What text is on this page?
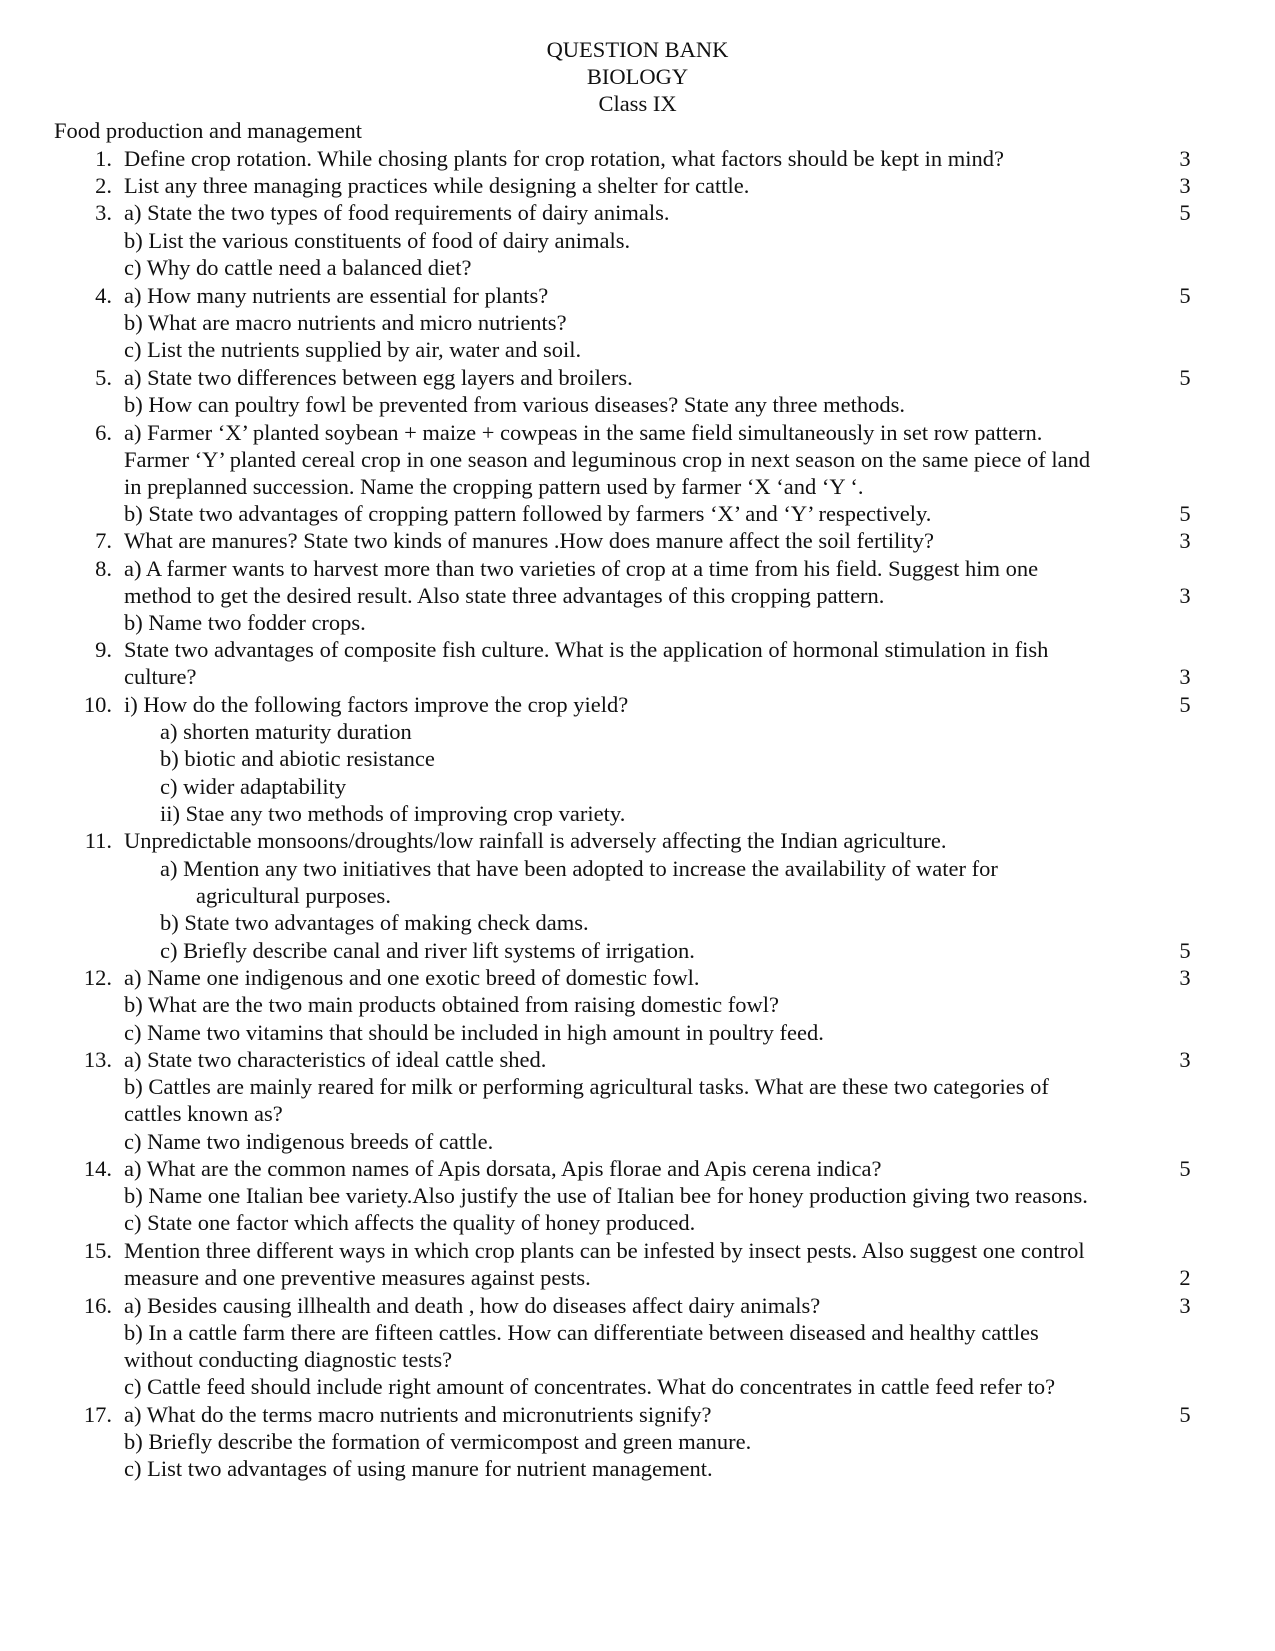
QUESTION BANK
BIOLOGY
Class IX
Food production and management
1.
2.
3.
4.
5.
6.
7.
8.
9.
10.
11.
12.
13.
14.
15.
16.
17.
Define crop rotation. While chosing plants for crop rotation, what factors should be kept in mind?
List any three managing practices while designing a shelter for cattle.
a) State the two types of food requirements of dairy animals.
b) List the various constituents of food of dairy animals.
c) Why do cattle need a balanced diet?
a) How many nutrients are essential for plants?
b) What are macro nutrients and micro nutrients?
c) List the nutrients supplied by air, water and soil.
a) State two differences between egg layers and broilers.
b) How can poultry fowl be prevented from various diseases? State any three methods.
a) Farmer ‘X’ planted soybean + maize + cowpeas in the same field simultaneously in set row pattern.
Farmer ‘Y’ planted cereal crop in one season and leguminous crop in next season on the same piece of land
in preplanned succession. Name the cropping pattern used by farmer ‘X ‘and ‘Y ‘.
b) State two advantages of cropping pattern followed by farmers ‘X’ and ‘Y’ respectively.
What are manures? State two kinds of manures .How does manure affect the soil fertility?
a) A farmer wants to harvest more than two varieties of crop at a time from his field. Suggest him one
method to get the desired result. Also state three advantages of this cropping pattern.
b) Name two fodder crops.
State two advantages of composite fish culture. What is the application of hormonal stimulation in fish
culture?
i) How do the following factors improve the crop yield?
a) shorten maturity duration
b) biotic and abiotic resistance
c) wider adaptability
ii) Stae any two methods of improving crop variety.
Unpredictable monsoons/droughts/low rainfall is adversely affecting the Indian agriculture.
a) Mention any two initiatives that have been adopted to increase the availability of water for
agricultural purposes.
b) State two advantages of making check dams.
c) Briefly describe canal and river lift systems of irrigation.
a) Name one indigenous and one exotic breed of domestic fowl.
b) What are the two main products obtained from raising domestic fowl?
c) Name two vitamins that should be included in high amount in poultry feed.
a) State two characteristics of ideal cattle shed.
b) Cattles are mainly reared for milk or performing agricultural tasks. What are these two categories of
cattles known as?
c) Name two indigenous breeds of cattle.
a) What are the common names of Apis dorsata, Apis florae and Apis cerena indica?
b) Name one Italian bee variety.Also justify the use of Italian bee for honey production giving two reasons.
c) State one factor which affects the quality of honey produced.
Mention three different ways in which crop plants can be infested by insect pests. Also suggest one control
measure and one preventive measures against pests.
a) Besides causing illhealth and death , how do diseases affect dairy animals?
b) In a cattle farm there are fifteen cattles. How can differentiate between diseased and healthy cattles
without conducting diagnostic tests?
c) Cattle feed should include right amount of concentrates. What do concentrates in cattle feed refer to?
a) What do the terms macro nutrients and micronutrients signify?
b) Briefly describe the formation of vermicompost and green manure.
c) List two advantages of using manure for nutrient management.
3
3
5
5
5
5
3
3
3
5
5
3
3
5
2
3
5
